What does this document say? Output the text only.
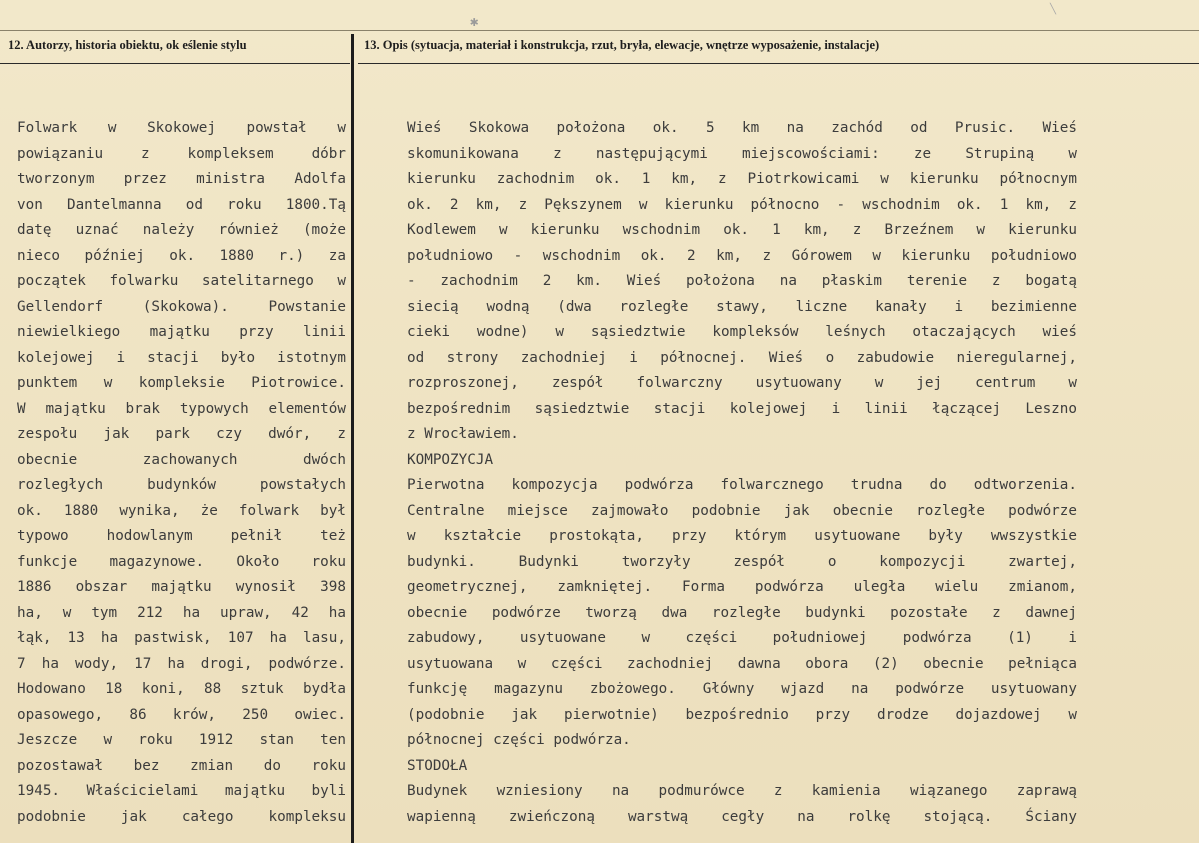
✱
╲
12. Autorzy, historia obiektu, ok eślenie stylu	13. Opis (sytuacja, materiał i konstrukcja, rzut, bryła, elewacje, wnętrze wyposażenie, instalacje)
Folwark w Skokowej powstał w
powiązaniu z kompleksem dóbr
tworzonym przez ministra Adolfa
von Dantelmanna od roku 1800.Tą
datę uznać należy również (może
nieco później ok. 1880 r.) za
początek folwarku satelitarnego w
Gellendorf (Skokowa). Powstanie
niewielkiego majątku przy linii
kolejowej i stacji było istotnym
punktem w kompleksie Piotrowice.
W majątku brak typowych elementów
zespołu jak park czy dwór, z
obecnie zachowanych dwóch
rozległych budynków powstałych
ok. 1880 wynika, że folwark był
typowo hodowlanym pełnił też
funkcje magazynowe. Około roku
1886 obszar majątku wynosił 398
ha, w tym 212 ha upraw, 42 ha
łąk, 13 ha pastwisk, 107 ha lasu,
7 ha wody, 17 ha drogi, podwórze.
Hodowano 18 koni, 88 sztuk bydła
opasowego, 86 krów, 250 owiec.
Jeszcze w roku 1912 stan ten
pozostawał bez zmian do roku
1945. Właścicielami majątku byli
podobnie jak całego kompleksu
Wieś Skokowa położona ok. 5 km na zachód od Prusic. Wieś
skomunikowana z następującymi miejscowościami: ze Strupiną w
kierunku zachodnim ok. 1 km, z Piotrkowicami w kierunku północnym
ok. 2 km, z Pększynem w kierunku północno - wschodnim ok. 1 km, z
Kodlewem w kierunku wschodnim ok. 1 km, z Brzeźnem w kierunku
południowo - wschodnim ok. 2 km, z Górowem w kierunku południowo
- zachodnim 2 km. Wieś położona na płaskim terenie z bogatą
siecią wodną (dwa rozległe stawy, liczne kanały i bezimienne
cieki wodne) w sąsiedztwie kompleksów leśnych otaczających wieś
od strony zachodniej i północnej. Wieś o zabudowie nieregularnej,
rozproszonej, zespół folwarczny usytuowany w jej centrum w
bezpośrednim sąsiedztwie stacji kolejowej i linii łączącej Leszno
z Wrocławiem.
KOMPOZYCJA
Pierwotna kompozycja podwórza folwarcznego trudna do odtworzenia.
Centralne miejsce zajmowało podobnie jak obecnie rozległe podwórze
w kształcie prostokąta, przy którym usytuowane były wwszystkie
budynki. Budynki tworzyły zespół o kompozycji zwartej,
geometrycznej, zamkniętej. Forma podwórza uległa wielu zmianom,
obecnie podwórze tworzą dwa rozległe budynki pozostałe z dawnej
zabudowy, usytuowane w części południowej podwórza (1) i
usytuowana w części zachodniej dawna obora (2) obecnie pełniąca
funkcję magazynu zbożowego. Główny wjazd na podwórze usytuowany
(podobnie jak pierwotnie) bezpośrednio przy drodze dojazdowej w
północnej części podwórza.
STODOŁA
Budynek wzniesiony na podmurówce z kamienia wiązanego zaprawą
wapienną zwieńczoną warstwą cegły na rolkę stojącą. Ściany
